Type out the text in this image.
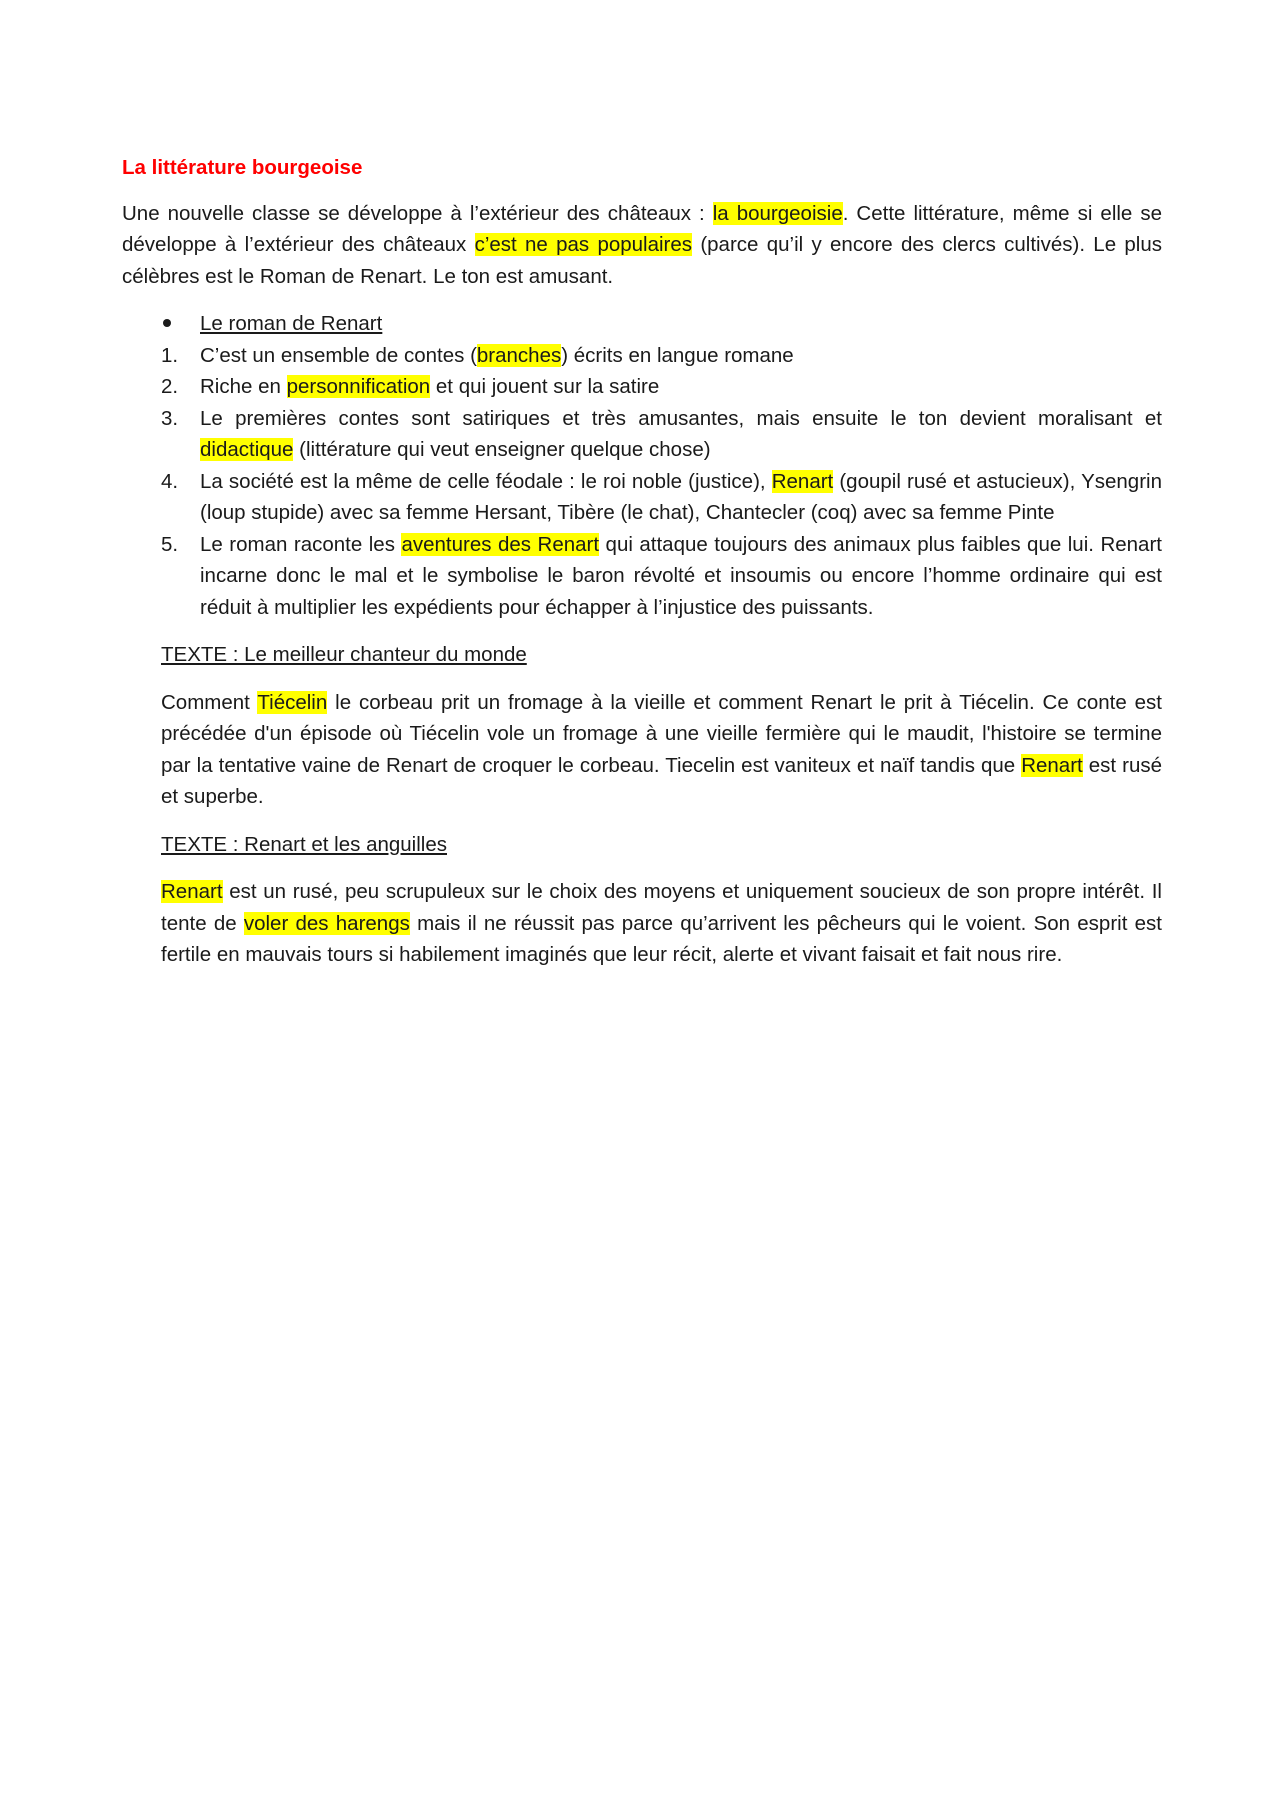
La littérature bourgeoise

Une nouvelle classe se développe à l’extérieur des châteaux : la bourgeoisie. Cette littérature, même si elle se développe à l’extérieur des châteaux c’est ne pas populaires (parce qu’il y encore des clercs cultivés). Le plus célèbres est le Roman de Renart. Le ton est amusant.

Le roman de Renart
1.	C’est un ensemble de contes (branches) écrits en langue romane
2.	Riche en personnification et qui jouent sur la satire
3.	Le premières contes sont satiriques et très amusantes, mais ensuite le ton devient moralisant et didactique (littérature qui veut enseigner quelque chose)
4.	La société est la même de celle féodale : le roi noble (justice), Renart (goupil rusé et astucieux), Ysengrin (loup stupide) avec sa femme Hersant, Tibère (le chat), Chantecler (coq) avec sa femme Pinte
5.	Le roman raconte les aventures des Renart qui attaque toujours des animaux plus faibles que lui. Renart incarne donc le mal et le symbolise le baron révolté et insoumis ou encore l’homme ordinaire qui est réduit à multiplier les expédients pour échapper à l’injustice des puissants.

TEXTE : Le meilleur chanteur du monde

Comment Tiécelin le corbeau prit un fromage à la vieille et comment Renart le prit à Tiécelin. Ce conte est précédée d'un épisode où Tiécelin vole un fromage à une vieille fermière qui le maudit, l'histoire se termine par la tentative vaine de Renart de croquer le corbeau. Tiecelin est vaniteux et naïf tandis que Renart est rusé et superbe.

TEXTE : Renart et les anguilles

Renart est un rusé, peu scrupuleux sur le choix des moyens et uniquement soucieux de son propre intérêt. Il tente de voler des harengs mais il ne réussit pas parce qu’arrivent les pêcheurs qui le voient. Son esprit est fertile en mauvais tours si habilement imaginés que leur récit, alerte et vivant faisait et fait nous rire.
